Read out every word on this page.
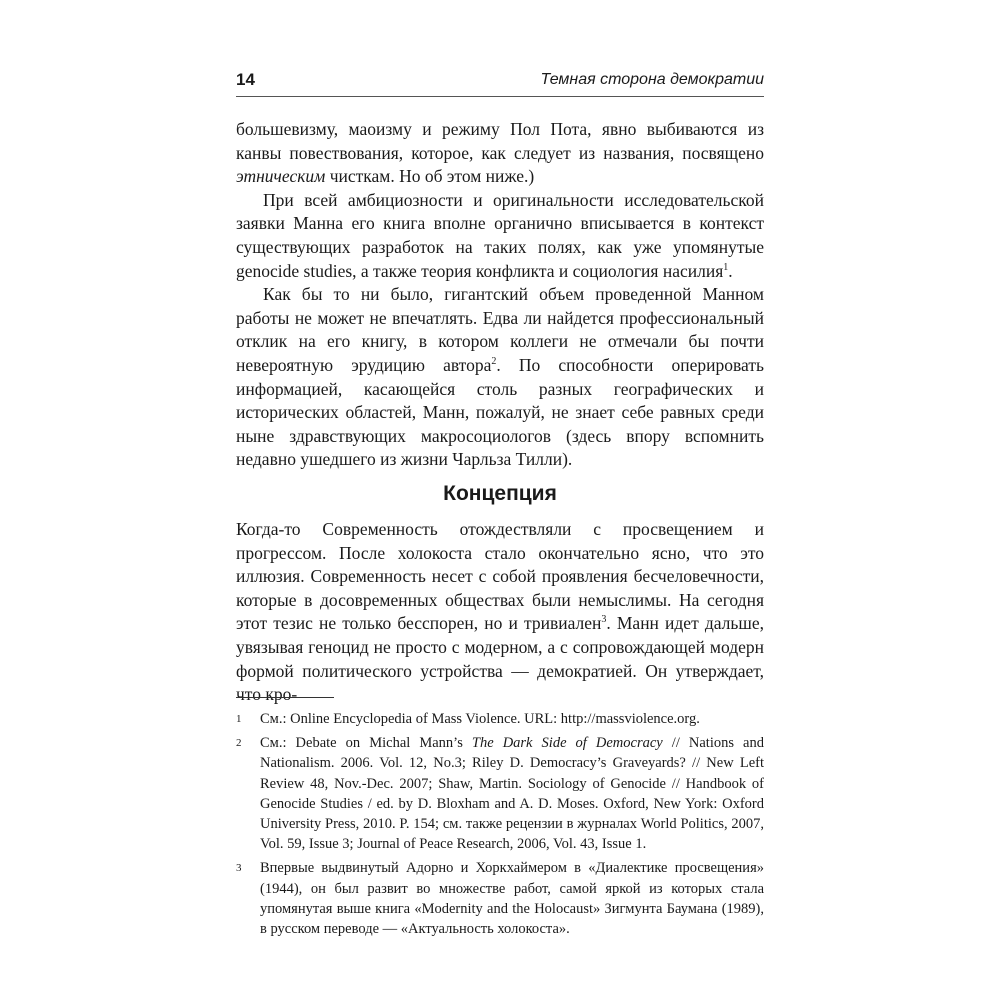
14	Темная сторона демократии

большевизму, маоизму и режиму Пол Пота, явно выбиваются из канвы повествования, которое, как следует из названия, посвящено этническим чисткам. Но об этом ниже.)

При всей амбициозности и оригинальности исследовательской заявки Манна его книга вполне органично вписывается в контекст существующих разработок на таких полях, как уже упомянутые genocide studies, а также теория конфликта и социология насилия$^1$.

Как бы то ни было, гигантский объем проведенной Манном работы не может не впечатлять. Едва ли найдется профессиональный отклик на его книгу, в котором коллеги не отмечали бы почти невероятную эрудицию автора$^2$. По способности оперировать информацией, касающейся столь разных географических и исторических областей, Манн, пожалуй, не знает себе равных среди ныне здравствующих макросоциологов (здесь впору вспомнить недавно ушедшего из жизни Чарльза Тилли).

Концепция

Когда-то Современность отождествляли с просвещением и прогрессом. После холокоста стало окончательно ясно, что это иллюзия. Современность несет с собой проявления бесчеловечности, которые в досовременных обществах были немыслимы. На сегодня этот тезис не только бесспорен, но и тривиален$^3$. Манн идет дальше, увязывая геноцид не просто с модерном, а с сопровождающей модерн формой политического устройства — демократией. Он утверждает, что кро-

1 См.: Online Encyclopedia of Mass Violence. URL: http://massviolence.org.
2 См.: Debate on Michal Mann’s The Dark Side of Democracy // Nations and Nationalism. 2006. Vol. 12, No.3; Riley D. Democracy’s Graveyards? // New Left Review 48, Nov.-Dec. 2007; Shaw, Martin. Sociology of Genocide // Handbook of Genocide Studies / ed. by D. Bloxham and A. D. Moses. Oxford, New York: Oxford University Press, 2010. P. 154; см. также рецензии в журналах World Politics, 2007, Vol. 59, Issue 3; Journal of Peace Research, 2006, Vol. 43, Issue 1.
3 Впервые выдвинутый Адорно и Хоркхаймером в «Диалектике просвещения» (1944), он был развит во множестве работ, самой яркой из которых стала упомянутая выше книга «Modernity and the Holocaust» Зигмунта Баумана (1989), в русском переводе — «Актуальность холокоста».
